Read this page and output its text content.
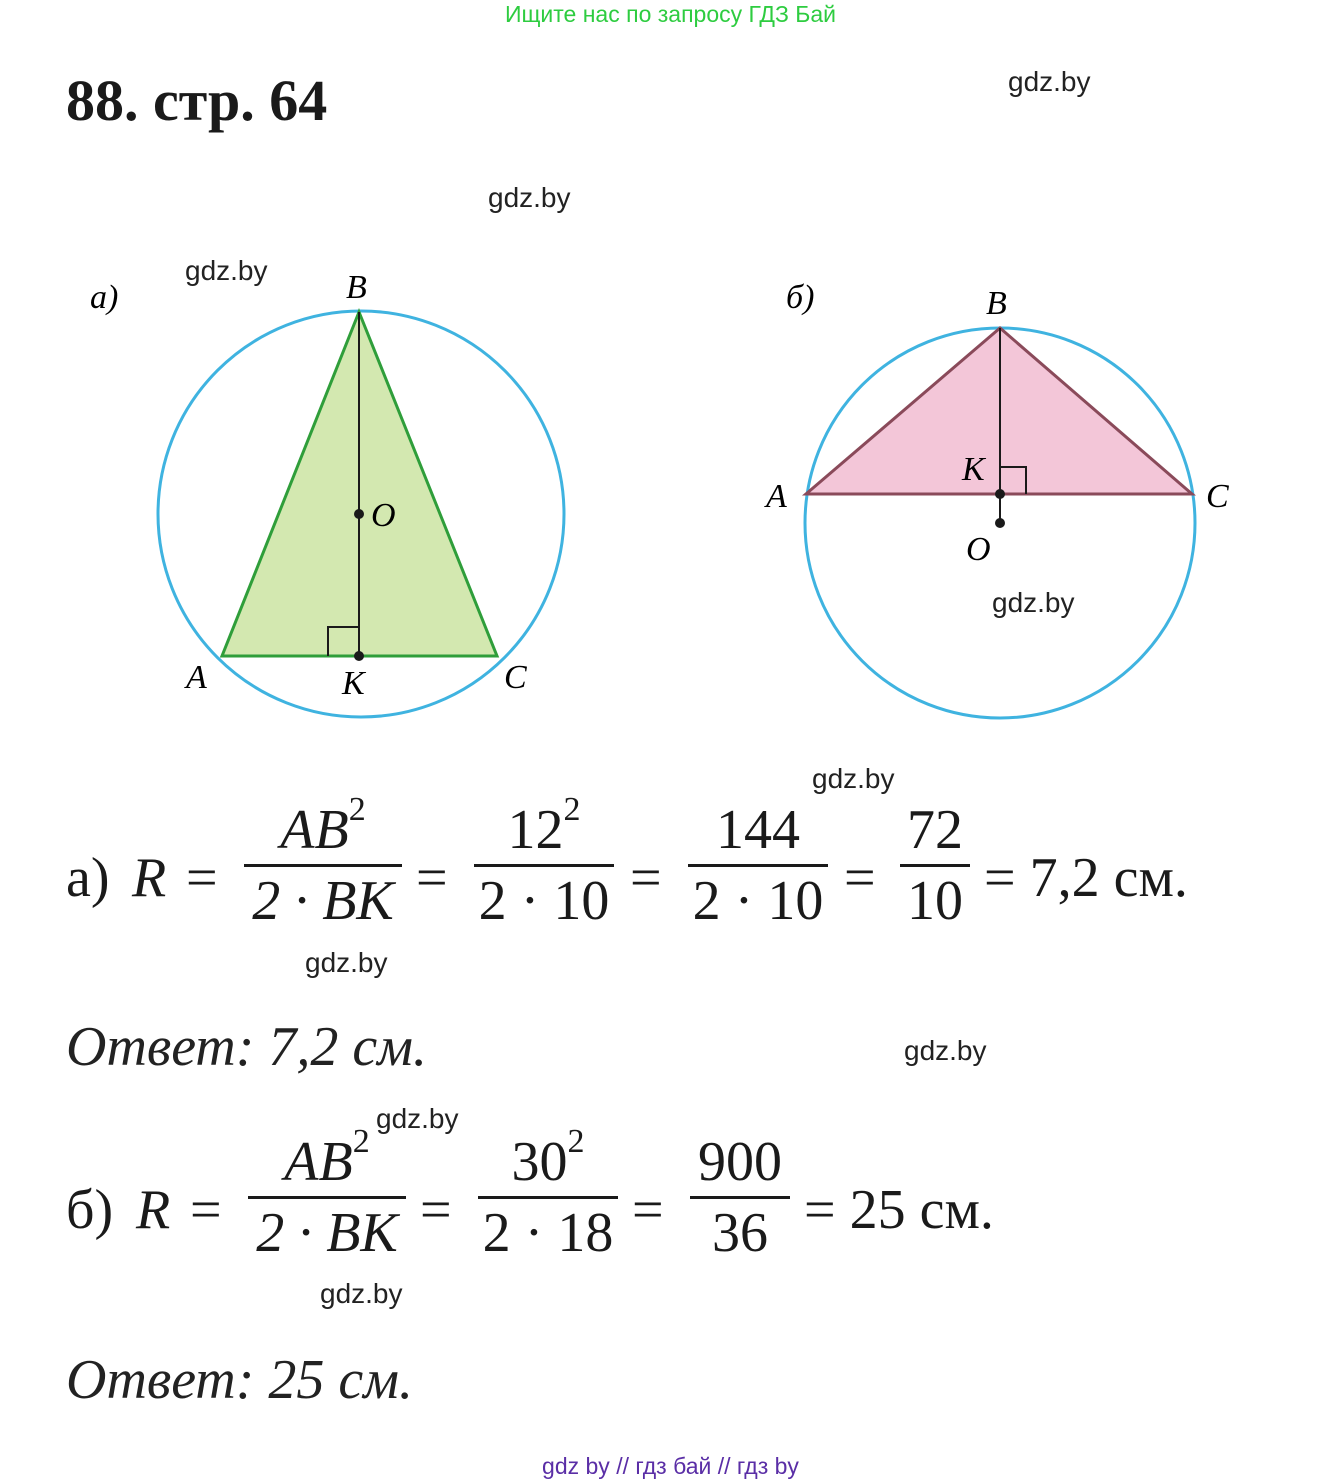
Ищите нас по запросу ГДЗ Бай
88. стр. 64	gdz.by
gdz.by
gdz.by
gdz.by
gdz.by
gdz.by
gdz.by
gdz.by
gdz.by
а)	B
O
A	K	C
б)	B
K
A	C
O
а) R =
$AB^2$
2 · BK =
$12^2$
2 · 10 =
144
2 · 10 =
72
10 = 7,2 см.
Ответ: 7,2 см.
б) R =
$AB^2$
2 · BK =
$30^2$
2 · 18 =
900
36 = 25 см.
Ответ: 25 см.
gdz by // гдз бай // гдз by
